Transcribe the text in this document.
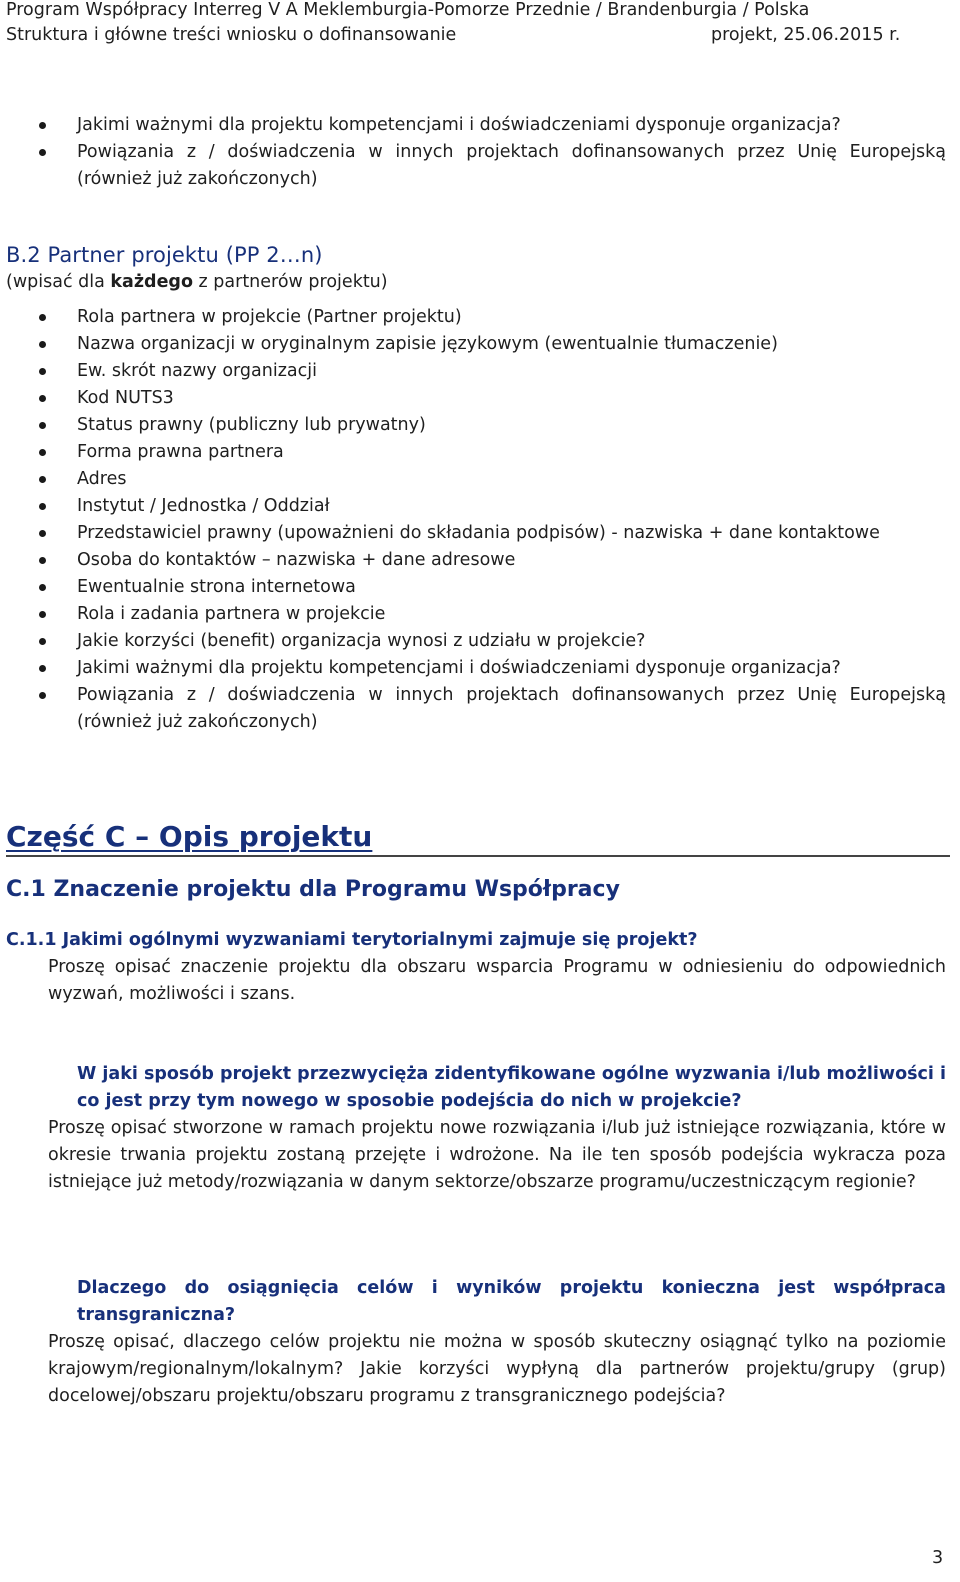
Program Współpracy Interreg V A Meklemburgia-Pomorze Przednie / Brandenburgia / Polska
Struktura i główne treści wniosku o dofinansowanie	projekt, 25.06.2015 r.
Jakimi ważnymi dla projektu kompetencjami i doświadczeniami dysponuje organizacja?
Powiązania z / doświadczenia w innych projektach dofinansowanych przez Unię Europejską (również już zakończonych)
B.2 Partner projektu (PP 2…n)
(wpisać dla każdego z partnerów projektu)
Rola partnera w projekcie (Partner projektu)
Nazwa organizacji w oryginalnym zapisie językowym (ewentualnie tłumaczenie)
Ew. skrót nazwy organizacji
Kod NUTS3
Status prawny (publiczny lub prywatny)
Forma prawna partnera
Adres
Instytut / Jednostka / Oddział
Przedstawiciel prawny (upoważnieni do składania podpisów) - nazwiska + dane kontaktowe
Osoba do kontaktów – nazwiska + dane adresowe
Ewentualnie strona internetowa
Rola i zadania partnera w projekcie
Jakie korzyści (benefit) organizacja wynosi z udziału w projekcie?
Jakimi ważnymi dla projektu kompetencjami i doświadczeniami dysponuje organizacja?
Powiązania z / doświadczenia w innych projektach dofinansowanych przez Unię Europejską (również już zakończonych)
Część C – Opis projektu
C.1 Znaczenie projektu dla Programu Współpracy
C.1.1 Jakimi ogólnymi wyzwaniami terytorialnymi zajmuje się projekt?
Proszę opisać znaczenie projektu dla obszaru wsparcia Programu w odniesieniu do odpowiednich wyzwań, możliwości i szans.
W jaki sposób projekt przezwycięża zidentyfikowane ogólne wyzwania i/lub możliwości i co jest przy tym nowego w sposobie podejścia do nich w projekcie?
Proszę opisać stworzone w ramach projektu nowe rozwiązania i/lub już istniejące rozwiązania, które w okresie trwania projektu zostaną przejęte i wdrożone. Na ile ten sposób podejścia wykracza poza istniejące już metody/rozwiązania w danym sektorze/obszarze programu/uczestniczącym regionie?
Dlaczego do osiągnięcia celów i wyników projektu konieczna jest współpraca transgraniczna?
Proszę opisać, dlaczego celów projektu nie można w sposób skuteczny osiągnąć tylko na poziomie krajowym/regionalnym/lokalnym? Jakie korzyści wypłyną dla partnerów projektu/grupy (grup) docelowej/obszaru projektu/obszaru programu z transgranicznego podejścia?
3
